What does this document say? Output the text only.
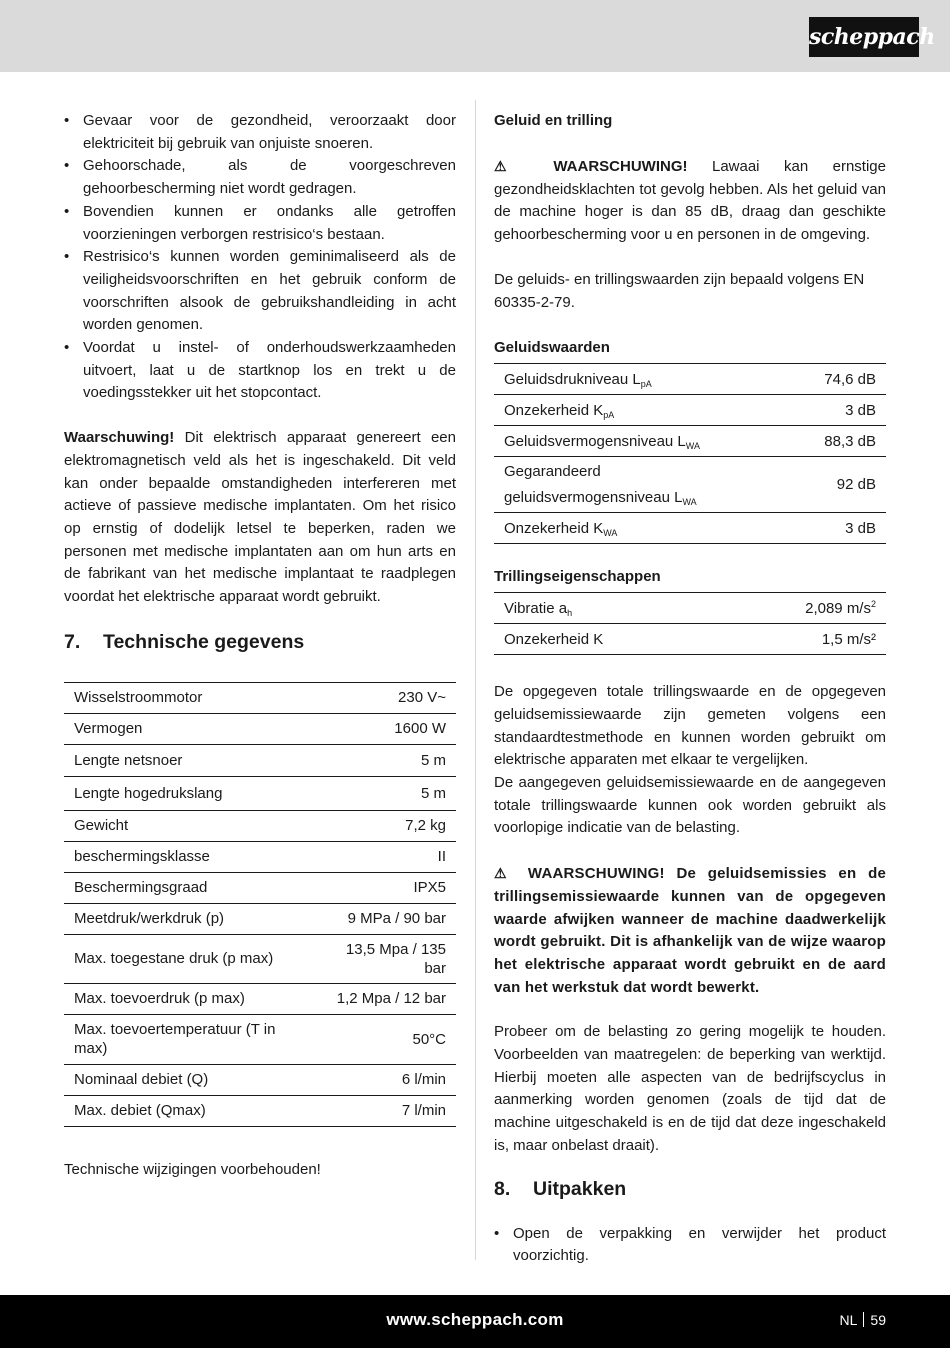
scheppach
• Gevaar voor de gezondheid, veroorzaakt door elektriciteit bij gebruik van onjuiste snoeren.
• Gehoorschade, als de voorgeschreven gehoorbescherming niet wordt gedragen.
• Bovendien kunnen er ondanks alle getroffen voorzieningen verborgen restrisico‘s bestaan.
• Restrisico‘s kunnen worden geminimaliseerd als de veiligheidsvoorschriften en het gebruik conform de voorschriften alsook de gebruikshandleiding in acht worden genomen.
• Voordat u instel- of onderhoudswerkzaamheden uitvoert, laat u de startknop los en trekt u de voedingsstekker uit het stopcontact.

Waarschuwing! Dit elektrisch apparaat genereert een elektromagnetisch veld als het is ingeschakeld. Dit veld kan onder bepaalde omstandigheden interfereren met actieve of passieve medische implantaten. Om het risico op ernstig of dodelijk letsel te beperken, raden we personen met medische implantaten aan om hun arts en de fabrikant van het medische implantaat te raadplegen voordat het elektrische apparaat wordt gebruikt.

7. Technische gegevens
Wisselstroommotor	230 V~
Vermogen	1600 W
Lengte netsnoer	5 m
Lengte hogedrukslang	5 m
Gewicht	7,2 kg
beschermingsklasse	II
Beschermingsgraad	IPX5
Meetdruk/werkdruk (p)	9 MPa / 90 bar
Max. toegestane druk (p max)	13,5 Mpa / 135 bar
Max. toevoerdruk (p max)	1,2 Mpa / 12 bar
Max. toevoertemperatuur (T in max)	50°C
Nominaal debiet (Q)	6 l/min
Max. debiet (Qmax)	7 l/min

Technische wijzigingen voorbehouden!

Geluid en trilling

⚠ WAARSCHUWING! Lawaai kan ernstige gezondheidsklachten tot gevolg hebben. Als het geluid van de machine hoger is dan 85 dB, draag dan geschikte gehoorbescherming voor u en personen in de omgeving.

De geluids- en trillingswaarden zijn bepaald volgens EN 60335-2-79.

Geluidswaarden
Geluidsdrukniveau $L_{pA}$	74,6 dB
Onzekerheid $K_{pA}$	3 dB
Geluidsvermogensniveau $L_{WA}$	88,3 dB
Gegarandeerd
geluidsvermogensniveau $L_{WA}$	92 dB
Onzekerheid $K_{WA}$	3 dB
Trillingseigenschappen
Vibratie $a_h$	2,089 $m/s^2$
Onzekerheid K	1,5 m/s²

De opgegeven totale trillingswaarde en de opgegeven geluidsemissiewaarde zijn gemeten volgens een standaardtestmethode en kunnen worden gebruikt om elektrische apparaten met elkaar te vergelijken.

De aangegeven geluidsemissiewaarde en de aangegeven totale trillingswaarde kunnen ook worden gebruikt als voorlopige indicatie van de belasting.

⚠ WAARSCHUWING! De geluidsemissies en de trillingsemissiewaarde kunnen van de opgegeven waarde afwijken wanneer de machine daadwerkelijk wordt gebruikt. Dit is afhankelijk van de wijze waarop het elektrische apparaat wordt gebruikt en de aard van het werkstuk dat wordt bewerkt.

Probeer om de belasting zo gering mogelijk te houden. Voorbeelden van maatregelen: de beperking van werktijd. Hierbij moeten alle aspecten van de bedrijfscyclus in aanmerking worden genomen (zoals de tijd dat de machine uitgeschakeld is en de tijd dat deze ingeschakeld is, maar onbelast draait).

8. Uitpakken
• Open de verpakking en verwijder het product voorzichtig.
www.scheppach.com	NL 59
